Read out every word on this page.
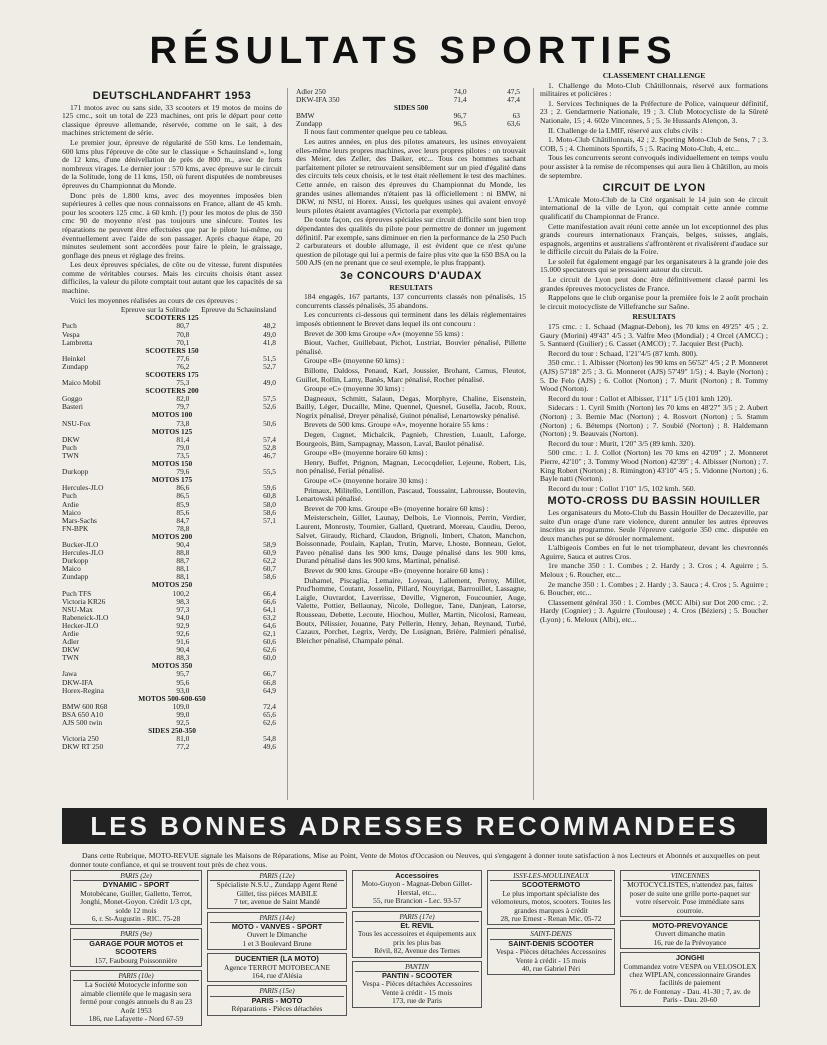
RÉSULTATS SPORTIFS
DEUTSCHLANDFAHRT 1953

171 motos avec ou sans side, 33 scooters et 19 motos de moins de 125 cmc., soit un total de 223 machines, ont pris le départ pour cette classique épreuve allemande, réservée, comme on le sait, à des machines strictement de série.

Le premier jour, épreuve de régularité de 550 kms. Le lendemain, 600 kms plus l'épreuve de côte sur le classique « Schauinsland », long de 12 kms, d'une dénivellation de près de 800 m., avec de forts nombreux virages. Le dernier jour : 570 kms, avec épreuve sur le circuit de la Solitude, long de 11 kms, 150, où furent disputées de nombreuses épreuves du Championnat du Monde.

Donc près de 1.800 kms, avec des moyennes imposées bien supérieures à celles que nous connaissons en France, allant de 45 kmh. pour les scooters 125 cmc. à 60 kmh. (!) pour les motos de plus de 350 cmc 90 de moyenne n'est pas toujours une sinécure. Toutes les réparations ne peuvent être effectuées que par le pilote lui-même, ou éventuellement avec l'aide de son passager. Après chaque étape, 20 minutes seulement sont accordées pour faire le plein, le graissage, gonflage des pneus et réglage des freins.

Les deux épreuves spéciales, de côte ou de vitesse, furent disputées comme de véritables courses. Mais les circuits choisis étant assez difficiles, la valeur du pilote comptait tout autant que les capacités de sa machine.

Voici les moyennes réalisées au cours de ces épreuves :

	Epreuve sur la Solitude	Epreuve du Schauinsland
SCOOTERS 125		
Puch	80,7	48,2
Vespa	70,8	49,0
Lambretta	70,1	41,8
SCOOTERS 150		
Heinkel	77,6	51,5
Zundapp	76,2	52,7
SCOOTERS 175		
Maico Mobil	75,3	49,0
SCOOTERS 200		
Goggo	82,0	57,5
Basteri	79,7	52,6
MOTOS 100		
NSU-Fox	73,8	50,6
MOTOS 125		
DKW	81,4	57,4
Puch	79,0	52,8
TWN	73,5	46,7
MOTOS 150		
Durkopp	79,6	55,5
MOTOS 175		
Hercules-JLO	86,6	59,6
Puch	86,5	60,8
Ardie	85,9	58,0
Maico	85,6	58,6
Mars-Sachs	84,7	57,1
FN-BPK	78,8	
MOTOS 200		
Bucker-JLO	90,4	58,9
Hercules-JLO	88,8	60,9
Durkopp	88,7	62,2
Maico	88,1	60,7
Zundapp	88,1	58,6
MOTOS 250		
Puch TFS	100,2	66,4
Victoria KR26	98,3	66,6
NSU-Max	97,3	64,1
Rabeneick-JLO	94,0	63,2
Hecker-JLO	92,9	64,6
Ardie	92,6	62,1
Adler	91,6	60,6
DKW	90,4	62,6
TWN	88,3	60,0
MOTOS 350		
Jawa	95,7	66,7
DKW-IFA	95,6	66,8
Horex-Regina	93,0	64,9
MOTOS 500-600-650		
BMW 600 R68	109,0	72,4
BSA 650 A10	99,0	65,6
AJS 500 twin	92,5	62,6
SIDES 250-350		
Victoria 250	81,0	54,8
DKW RT 250	77,2	49,6
Adler 250	74,0	47,5
DKW-IFA 350	71,4	47,4
SIDES 500		
BMW	96,7	63
Zundapp	96,5	63,6

Il nous faut commenter quelque peu ce tableau.

Les autres années, en plus des pilotes amateurs, les usines envoyaient elles-même leurs propres machines, avec leurs propres pilotes : on trouvait des Meier, des Zeller, des Daiker, etc... Tous ces hommes sachant parfaitement piloter se retrouvaient sensiblement sur un pied d'égalité dans des circuits tels ceux choisis, et le test était réellement le test des machines. Cette année, en raison des épreuves du Championnat du Monde, les grandes usines allemandes n'étaient pas là officiellement : ni BMW, ni DKW, ni NSU, ni Horex. Aussi, les quelques usines qui avaient envoyé leurs pilotes étaient avantagées (Victoria par exemple).

De toute façon, ces épreuves spéciales sur circuit difficile sont bien trop dépendantes des qualités du pilote pour permettre de donner un jugement définitif. Par exemple, sans diminuer en rien la performance de la 250 Puch 2 carburateurs et double allumage, il est évident que ce n'est qu'une question de pilotage qui lui a permis de faire plus vite que la 650 BSA ou la 500 AJS (en ne prenant que ce seul exemple, le plus frappant).

3e CONCOURS D'AUDAX
RESULTATS

184 engagés, 167 partants, 137 concurrents classés non pénalisés, 15 concurrents classés pénalisés, 35 abandons.

Les concurrents ci-dessous qui terminent dans les délais réglementaires imposés obtiennent le Brevet dans lequel ils ont concouru :

Brevet de 300 kms Groupe «A» (moyenne 55 kms) :

Biout, Vacher, Guillebaut, Pichot, Lustriat, Bouvier pénalisé, Pillette pénalisé.

Groupe «B» (moyenne 60 kms) :

Billotte, Daldoss, Penaud, Karl, Joussier, Brohant, Camus, Fleutot, Guillet, Rollin, Lamy, Banès, Marc pénalisé, Rocher pénalisé.

Groupe «C» (moyenne 30 kms) :

Dagneaux, Schmitt, Salaun, Degas, Morphyre, Chaline, Eisenstein, Bailly, Léger, Ducaille, Mine, Quennel, Quesnel, Gusella, Jacob, Roux, Nogrix pénalisé, Dreyer pénalisé, Guinot pénalisé, Lenartowsky pénalisé.

Brevets de 500 kms. Groupe «A», moyenne horaire 55 kms :

Degen, Cugnet, Michalcik, Pagnieb, Chrestien, Luault, Laforge, Bourgeois, Bim, Sampagnay, Masson, Laval, Baulot pénalisé.

Groupe «B» (moyenne horaire 60 kms) :

Henry, Buffet, Prignon, Magnan, Lecocqdelier, Lejeune, Robert, Lis, non pénalisé, Ferial pénalisé.

Groupe «C» (moyenne horaire 30 kms) :

Primaux, Militello, Lentillon, Pascaud, Toussaint, Labrousse, Boutevin, Lenartowski pénalisé.

Brevet de 700 kms. Groupe «B» (moyenne horaire 60 kms) :

Meisterschein, Gillet, Launay, Delbois, Le Vionnois, Perrin, Verdier, Laurent, Monrosty, Tournier, Gallard, Quetrard, Moreau, Caudiu, Deroo, Salvet, Giraudy, Richard, Claudon, Brignoli, Imbert, Chaton, Manchon, Boissonnade, Poulain, Kaplan, Trutin, Marve, Lhoste, Bonneau, Gelot, Paveo pénalisé dans les 900 kms, Dauge pénalisé dans les 900 kms, Durand pénalisé dans les 900 kms, Martinal, pénalisé.

Brevet de 900 kms. Groupe «B» (moyenne horaire 60 kms) :

Duhamel, Piscaglia, Lemaire, Loyeau, Lallement, Perroy, Millet, Prud'homme, Coutant, Josselin, Pillard, Nouyrigat, Barrouillet, Lassagne, Laigle, Ouvrardot, Laverrisse, Deville, Vigneron, Foucounier, Auge, Valette, Pottier, Bellaunay, Nicole, Dollegue, Tane, Danjean, Latorse, Rousseau, Debette, Lecoute, Hiochou, Muller, Martin, Nicolosi, Rameau, Boutx, Pélissier, Jouanne, Paty Pellerin, Henry, Jehan, Reynaud, Turbé, Cazaux, Porchet, Legrix, Verdy, De Lusignan, Brière, Palmieri pénalisé, Bleicher pénalisé, Champale pénal.

CLASSEMENT CHALLENGE

1. Challenge du Moto-Club Châtillonnais, réservé aux formations militaires et policières :

1. Services Techniques de la Préfecture de Police, vainqueur définitif, 23 ; 2. Gendarmerie Nationale, 19 ; 3. Club Motocycliste de la Sûreté Nationale, 15 ; 4. 602e Vincennes, 5 ; 5. 3e Hussards Alençon, 3.

II. Challenge de la LMIF, réservé aux clubs civils :

1. Moto-Club Châtillonnais, 42 ; 2. Sporting Moto-Club de Sens, 7 ; 3. COB, 5 ; 4. Cheminots Sportifs, 5 ; 5. Racing Moto-Club, 4, etc...

Tous les concurrents seront convoqués individuellement en temps voulu pour assister à la remise de récompenses qui aura lieu à Châtillon, au mois de septembre.

CIRCUIT DE LYON

L'Amicale Moto-Club de la Cité organisait le 14 juin son 4e circuit international de la ville de Lyon, qui comptait cette année comme qualificatif du Championnat de France.

Cette manifestation avait réuni cette année un lot exceptionnel des plus grands coureurs internationaux Français, belges, suisses, anglais, espagnols, argentins et australiens s'affrontèrent et rivalisèrent d'audace sur le difficile circuit du Palais de la Foire.

Le soleil fut également engagé par les organisateurs à la grande joie des 15.000 spectateurs qui se pressaient autour du circuit.

Le circuit de Lyon peut donc être définitivement classé parmi les grandes épreuves motocyclistes de France.

Rappelons que le club organise pour la première fois le 2 août prochain le circuit motocycliste de Villefranche sur Saône.

RESULTATS

175 cmc. : 1. Schaad (Magnat-Debon), les 70 kms en 49'25" 4/5 ; 2. Gaury (Morini) 49'43" 4/5 ; 3. Valfre Meo (Mondial) ; 4 Orcel (AMCC) ; 5. Santuerd (Guilier) ; 6. Casset (AMCO) ; 7. Jacquier Brst (Puch).

Record du tour : Schaad, 1'21"4/5 (87 kmh. 800).

350 cmc. : 1. Albisser (Norton) les 90 kms en 56'52" 4/5 ; 2 P. Monneret (AJS) 57'18" 2/5 ; 3. G. Monneret (AJS) 57'49" 1/5) ; 4. Bayle (Norton) ; 5. De Felo (AJS) ; 6. Collot (Norton) ; 7. Murit (Norton) ; 8. Tommy Wood (Norton).

Record du tour : Collot et Albisser, 1'11" 1/5 (101 kmh 120).

Sidecars : 1. Cyril Smith (Norton) les 70 kms en 48'27" 3/5 ; 2. Aubert (Norton) ; 3. Bernie Mac (Norton) ; 4. Rosvort (Norton) ; 5. Stamm (Norton) ; 6. Bétemps (Norton) ; 7. Soubié (Norton) ; 8. Haldemann (Norton) ; 9. Beauvais (Norton).

Record du tour : Murit, 1'20" 3/5 (89 kmh. 320).

500 cmc. : 1. J. Collot (Norton) les 70 kms en 42'09" ; 2. Monneret Pierre, 42'10" ; 3. Tommy Wood (Norton) 42'39" ; 4. Albisser (Norton) ; 7. King Robert (Norton) ; 8. Rimington) 43'10" 4/5 ; 5. Vidonne (Norton) ; 6. Bayle natti (Norton).

Record du tour : Collot 1'10" 1/5, 102 kmh. 560.

MOTO-CROSS DU BASSIN HOUILLER

Les organisateurs du Moto-Club du Bassin Houiller de Decazeville, par suite d'un orage d'une rare violence, durent annuler les autres épreuves inscrites au programme. Seule l'épreuve catégorie 350 cmc. disputée en deux manches put se dérouler normalement.

L'albigeois Combes en fut le net triomphateur, devant les chevronnés Aguirre, Sauca et autres Cros.

1re manche 350 : 1. Combes ; 2. Hardy ; 3. Cros ; 4. Aguirre ; 5. Meloux ; 6. Roucher, etc...

2e manche 350 : 1. Combes ; 2. Hardy ; 3. Sauca ; 4. Cros ; 5. Aguirre ; 6. Boucher, etc...

Classement général 350 : 1. Combes (MCC Albi) sur Dot 200 cmc. ; 2. Hardy (Cognier) ; 3. Aguirre (Toulouse) ; 4. Cros (Béziers) ; 5. Boucher (Lyon) ; 6. Meloux (Albi), etc...

LES BONNES ADRESSES RECOMMANDEES
Dans cette Rubrique, MOTO-REVUE signale les Maisons de Réparations, Mise au Point, Vente de Motos d'Occasion ou Neuves, qui s'engagent à donner toute satisfaction à nos Lecteurs et Abonnés et auxquelles on peut donner toute confiance, et qui se trouvent tout près de chez vous.
PARIS (2e)
DYNAMIC - SPORT
Motobécane, Guiller, Galletto, Terrot, Jonghi, Monet-Goyon. Crédit 1/3 cpt, solde 12 mois
6, r. St-Augustin - RIC. 75-28
PARIS (9e)
GARAGE POUR MOTOS et SCOOTERS
157, Faubourg Poissonnière
PARIS (10e)
La Société Motocycle informe son aimable clientèle que le magasin sera fermé pour congés annuels du 8 au 23 Août 1953
186, rue Lafayette - Nord 67-59
PARIS (12e)
Spécialiste N.S.U., Zundapp Agent René Gillet, tiss pièces MABILE
7 ter, avenue de Saint Mandé
PARIS (14e)
MOTO - VANVES - SPORT
Ouvert le Dimanche
1 et 3 Boulevard Brune
DUCENTIER (LA MOTO)
Agence TERROT MOTOBECANE
164, rue d'Alésia
PARIS (15e)
PARIS - MOTO
Réparations - Pièces détachées
Accessoires
Moto-Guyon - Magnat-Debon Gillet-Herstal, etc...
55, rue Brancion - Lec. 93-57
PARIS (17e)
Et. REVIL
Tous les accessoires et équipements aux prix les plus bas
Révil, 82, Avenue des Ternes
PANTIN
PANTIN - SCOOTER
Vespa - Pièces détachées Accessoires Vente à crédit - 15 mois
173, rue de Paris
ISSY-LES-MOULINEAUX
SCOOTERMOTO
Le plus important spécialiste des vélomoteurs, motos, scooters. Toutes les grandes marques à crédit
28, rue Ernest - Renan Mic. 05-72
SAINT-DENIS
SAINT-DENIS SCOOTER
Vespa - Pièces détachées Accessoires Vente à crédit - 15 mois
40, rue Gabriel Péri
VINCENNES
MOTOCYCLISTES, n'attendez pas, faites poser de suite une grille porte-paquet sur votre réservoir. Pose immédiate sans courroie.
MOTO-PREVOYANCE
Ouvert dimanche matin
16, rue de la Prévoyance
JONGHI
Commandez votre VESPA ou VELOSOLEX chez WIPLAN, concessionnaire Grandes facilités de paiement
76 r. de Fontenay - Dau. 41-30 ; 7, av. de Paris - Dau. 20-60
